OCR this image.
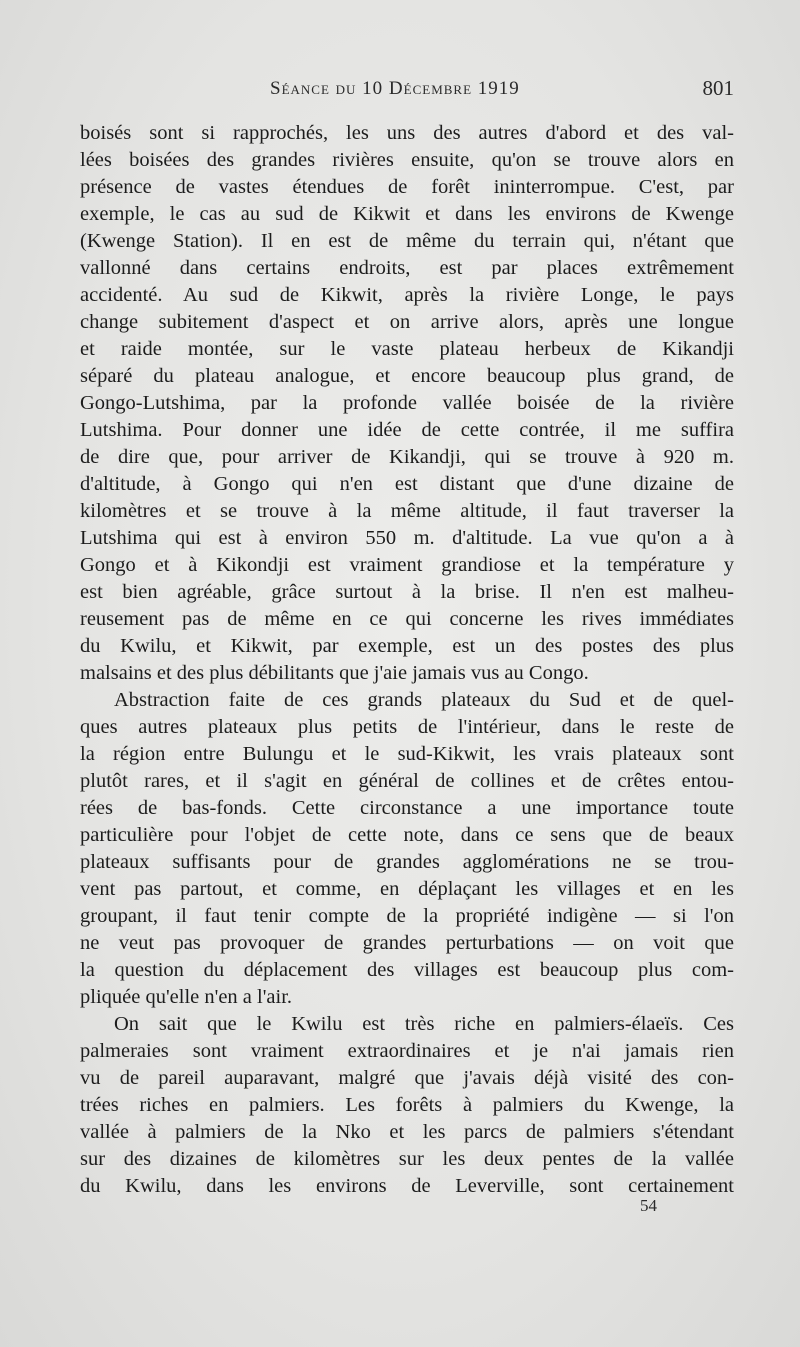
Séance du 10 Décembre 1919	801
boisés sont si rapprochés, les uns des autres d'abord et des val-
lées boisées des grandes rivières ensuite, qu'on se trouve alors en
présence de vastes étendues de forêt ininterrompue. C'est, par
exemple, le cas au sud de Kikwit et dans les environs de Kwenge
(Kwenge Station). Il en est de même du terrain qui, n'étant que
vallonné dans certains endroits, est par places extrêmement
accidenté. Au sud de Kikwit, après la rivière Longe, le pays
change subitement d'aspect et on arrive alors, après une longue
et raide montée, sur le vaste plateau herbeux de Kikandji
séparé du plateau analogue, et encore beaucoup plus grand, de
Gongo-Lutshima, par la profonde vallée boisée de la rivière
Lutshima. Pour donner une idée de cette contrée, il me suffira
de dire que, pour arriver de Kikandji, qui se trouve à 920 m.
d'altitude, à Gongo qui n'en est distant que d'une dizaine de
kilomètres et se trouve à la même altitude, il faut traverser la
Lutshima qui est à environ 550 m. d'altitude. La vue qu'on a à
Gongo et à Kikondji est vraiment grandiose et la température y
est bien agréable, grâce surtout à la brise. Il n'en est malheu-
reusement pas de même en ce qui concerne les rives immédiates
du Kwilu, et Kikwit, par exemple, est un des postes des plus
malsains et des plus débilitants que j'aie jamais vus au Congo.
Abstraction faite de ces grands plateaux du Sud et de quel-
ques autres plateaux plus petits de l'intérieur, dans le reste de
la région entre Bulungu et le sud-Kikwit, les vrais plateaux sont
plutôt rares, et il s'agit en général de collines et de crêtes entou-
rées de bas-fonds. Cette circonstance a une importance toute
particulière pour l'objet de cette note, dans ce sens que de beaux
plateaux suffisants pour de grandes agglomérations ne se trou-
vent pas partout, et comme, en déplaçant les villages et en les
groupant, il faut tenir compte de la propriété indigène — si l'on
ne veut pas provoquer de grandes perturbations — on voit que
la question du déplacement des villages est beaucoup plus com-
pliquée qu'elle n'en a l'air.
On sait que le Kwilu est très riche en palmiers-élaeïs. Ces
palmeraies sont vraiment extraordinaires et je n'ai jamais rien
vu de pareil auparavant, malgré que j'avais déjà visité des con-
trées riches en palmiers. Les forêts à palmiers du Kwenge, la
vallée à palmiers de la Nko et les parcs de palmiers s'étendant
sur des dizaines de kilomètres sur les deux pentes de la vallée
du Kwilu, dans les environs de Leverville, sont certainement
54
